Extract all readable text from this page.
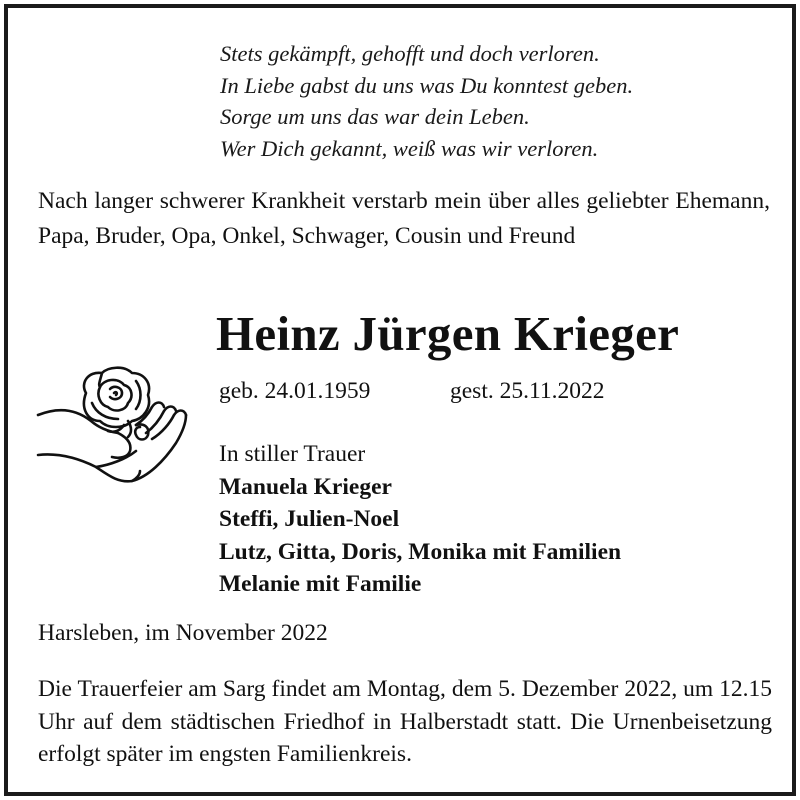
Stets gekämpft, gehofft und doch verloren.
In Liebe gabst du uns was Du konntest geben.
Sorge um uns das war dein Leben.
Wer Dich gekannt, weiß was wir verloren.
Nach langer schwerer Krankheit verstarb mein über alles geliebter Ehemann, Papa, Bruder, Opa, Onkel, Schwager, Cousin und Freund
Heinz Jürgen Krieger
geb. 24.01.1959	gest. 25.11.2022
In stiller Trauer
Manuela Krieger
Steffi, Julien-Noel
Lutz, Gitta, Doris, Monika mit Familien
Melanie mit Familie
Harsleben, im November 2022
Die Trauerfeier am Sarg findet am Montag, dem 5. Dezember 2022, um 12.15 Uhr auf dem städtischen Friedhof in Halberstadt statt. Die Urnenbeisetzung erfolgt später im engsten Familienkreis.
